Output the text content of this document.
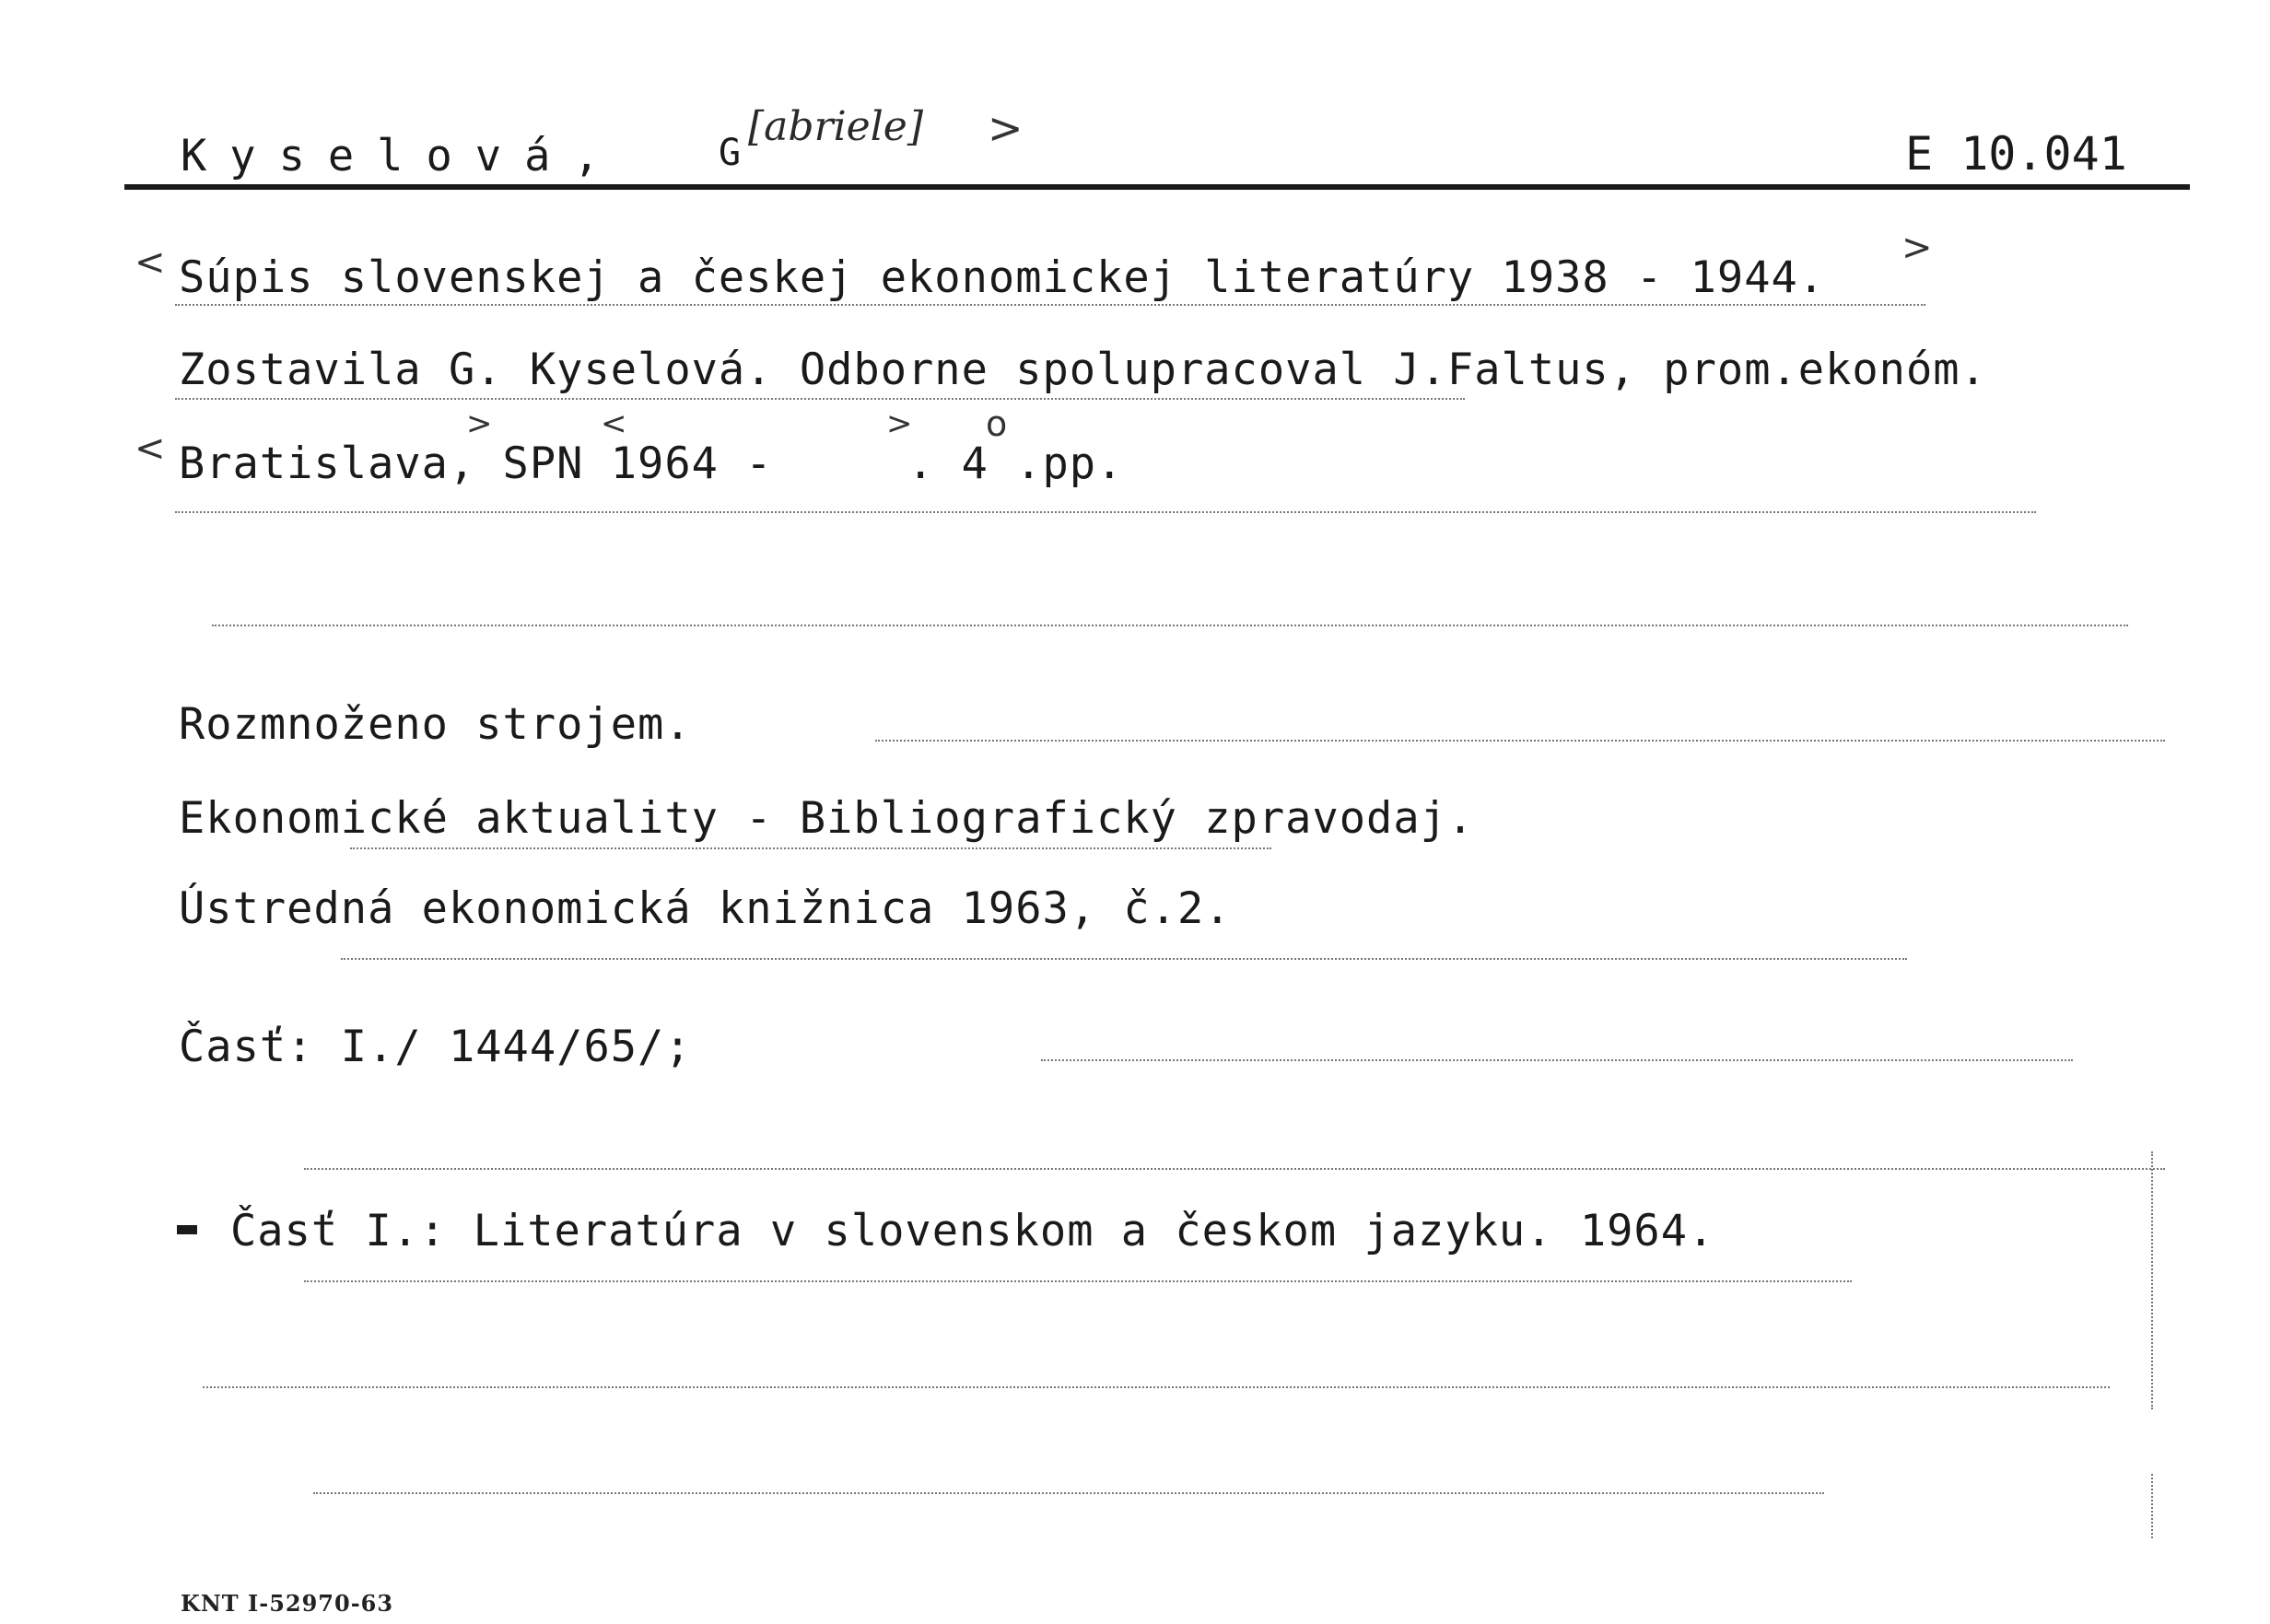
Kyselová,	G
[abriele] >	E 10.041
< Súpis slovenskej a českej ekonomickej literatúry 1938 - 1944.
>
Zostavila G. Kyselová. Odborne spolupracoval J.Faltus, prom.ekonóm.
<
>	<	> o
Bratislava, SPN 1964 -     . 4 .pp.
Rozmnoženo strojem.
Ekonomické aktuality - Bibliografický zpravodaj.
Ústredná ekonomická knižnica 1963, č.2.
Časť: I./ 1444/65/;
Časť I.: Literatúra v slovenskom a českom jazyku. 1964.
KNT I-52970-63
